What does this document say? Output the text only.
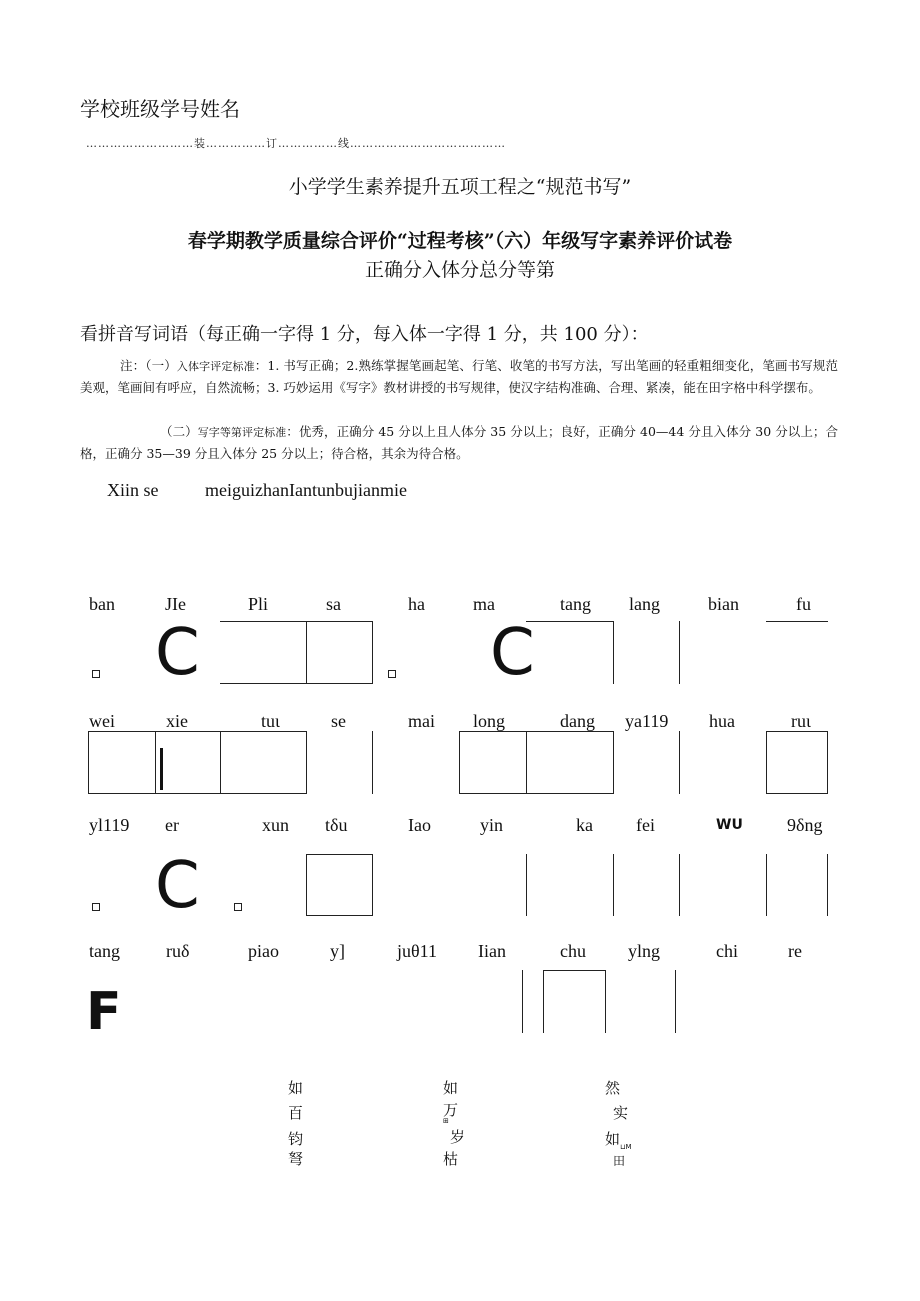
学校班级学号姓名
………………………装……………订……………线…………………………………
小学学生素养提升五项工程之“规范书写”
春学期教学质量综合评价“过程考核”（六）年级写字素养评价试卷
正确分入体分总分等第
看拼音写词语（每正确一字得 1 分，每入体一字得 1 分，共 100 分）：
注：（一）入体字评定标准：1. 书写正确；2.熟练掌握笔画起笔、行笔、收笔的书写方法，写出笔画的轻重粗细变化，笔画书写规范美观，笔画间有呼应，自然流畅；3. 巧妙运用《写字》教材讲授的书写规律，使汉字结构准确、合理、紧凑，能在田字格中科学摆布。
（二）写字等第评定标准：优秀，正确分 45 分以上且人体分 35 分以上；良好，正确分 40—44 分且入体分 30 分以上；合格，正确分 35—39 分且入体分 25 分以上；待合格，其余为待合格。
Xiin se	meiguizhanIantunbujianmie
ban	JIe	Pli	sa	ha	ma	tang lang	bian	fu
C	C
wei	xie	tuι	se	mai long	dang ya119 hua	ruι
yl119 er	xun tδu	Iao	yin	ka fei	WU 9δng
C
tang	ruδ	piao	y]	juθ11 Iian	chu ylng	chi	re
F
如
百
钧
弩
如
万
⊞
岁
枯
然
实
如 ⊔M
田
